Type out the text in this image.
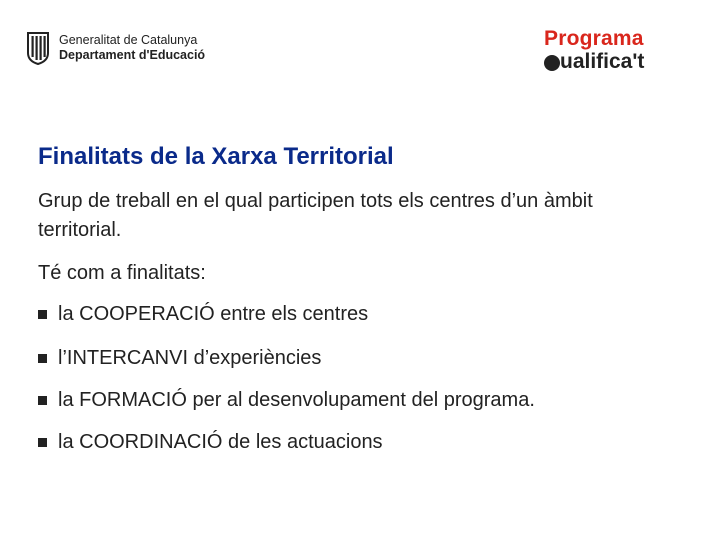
Generalitat de Catalunya
Departament d'Educació
Programa
ualifica't
Finalitats de la Xarxa Territorial
Grup de treball en el qual participen tots els centres d’un àmbit territorial.
Té com a finalitats:
la COOPERACIÓ entre els centres
l’INTERCANVI d’experiències
la FORMACIÓ per al desenvolupament del programa.
la COORDINACIÓ de les actuacions
